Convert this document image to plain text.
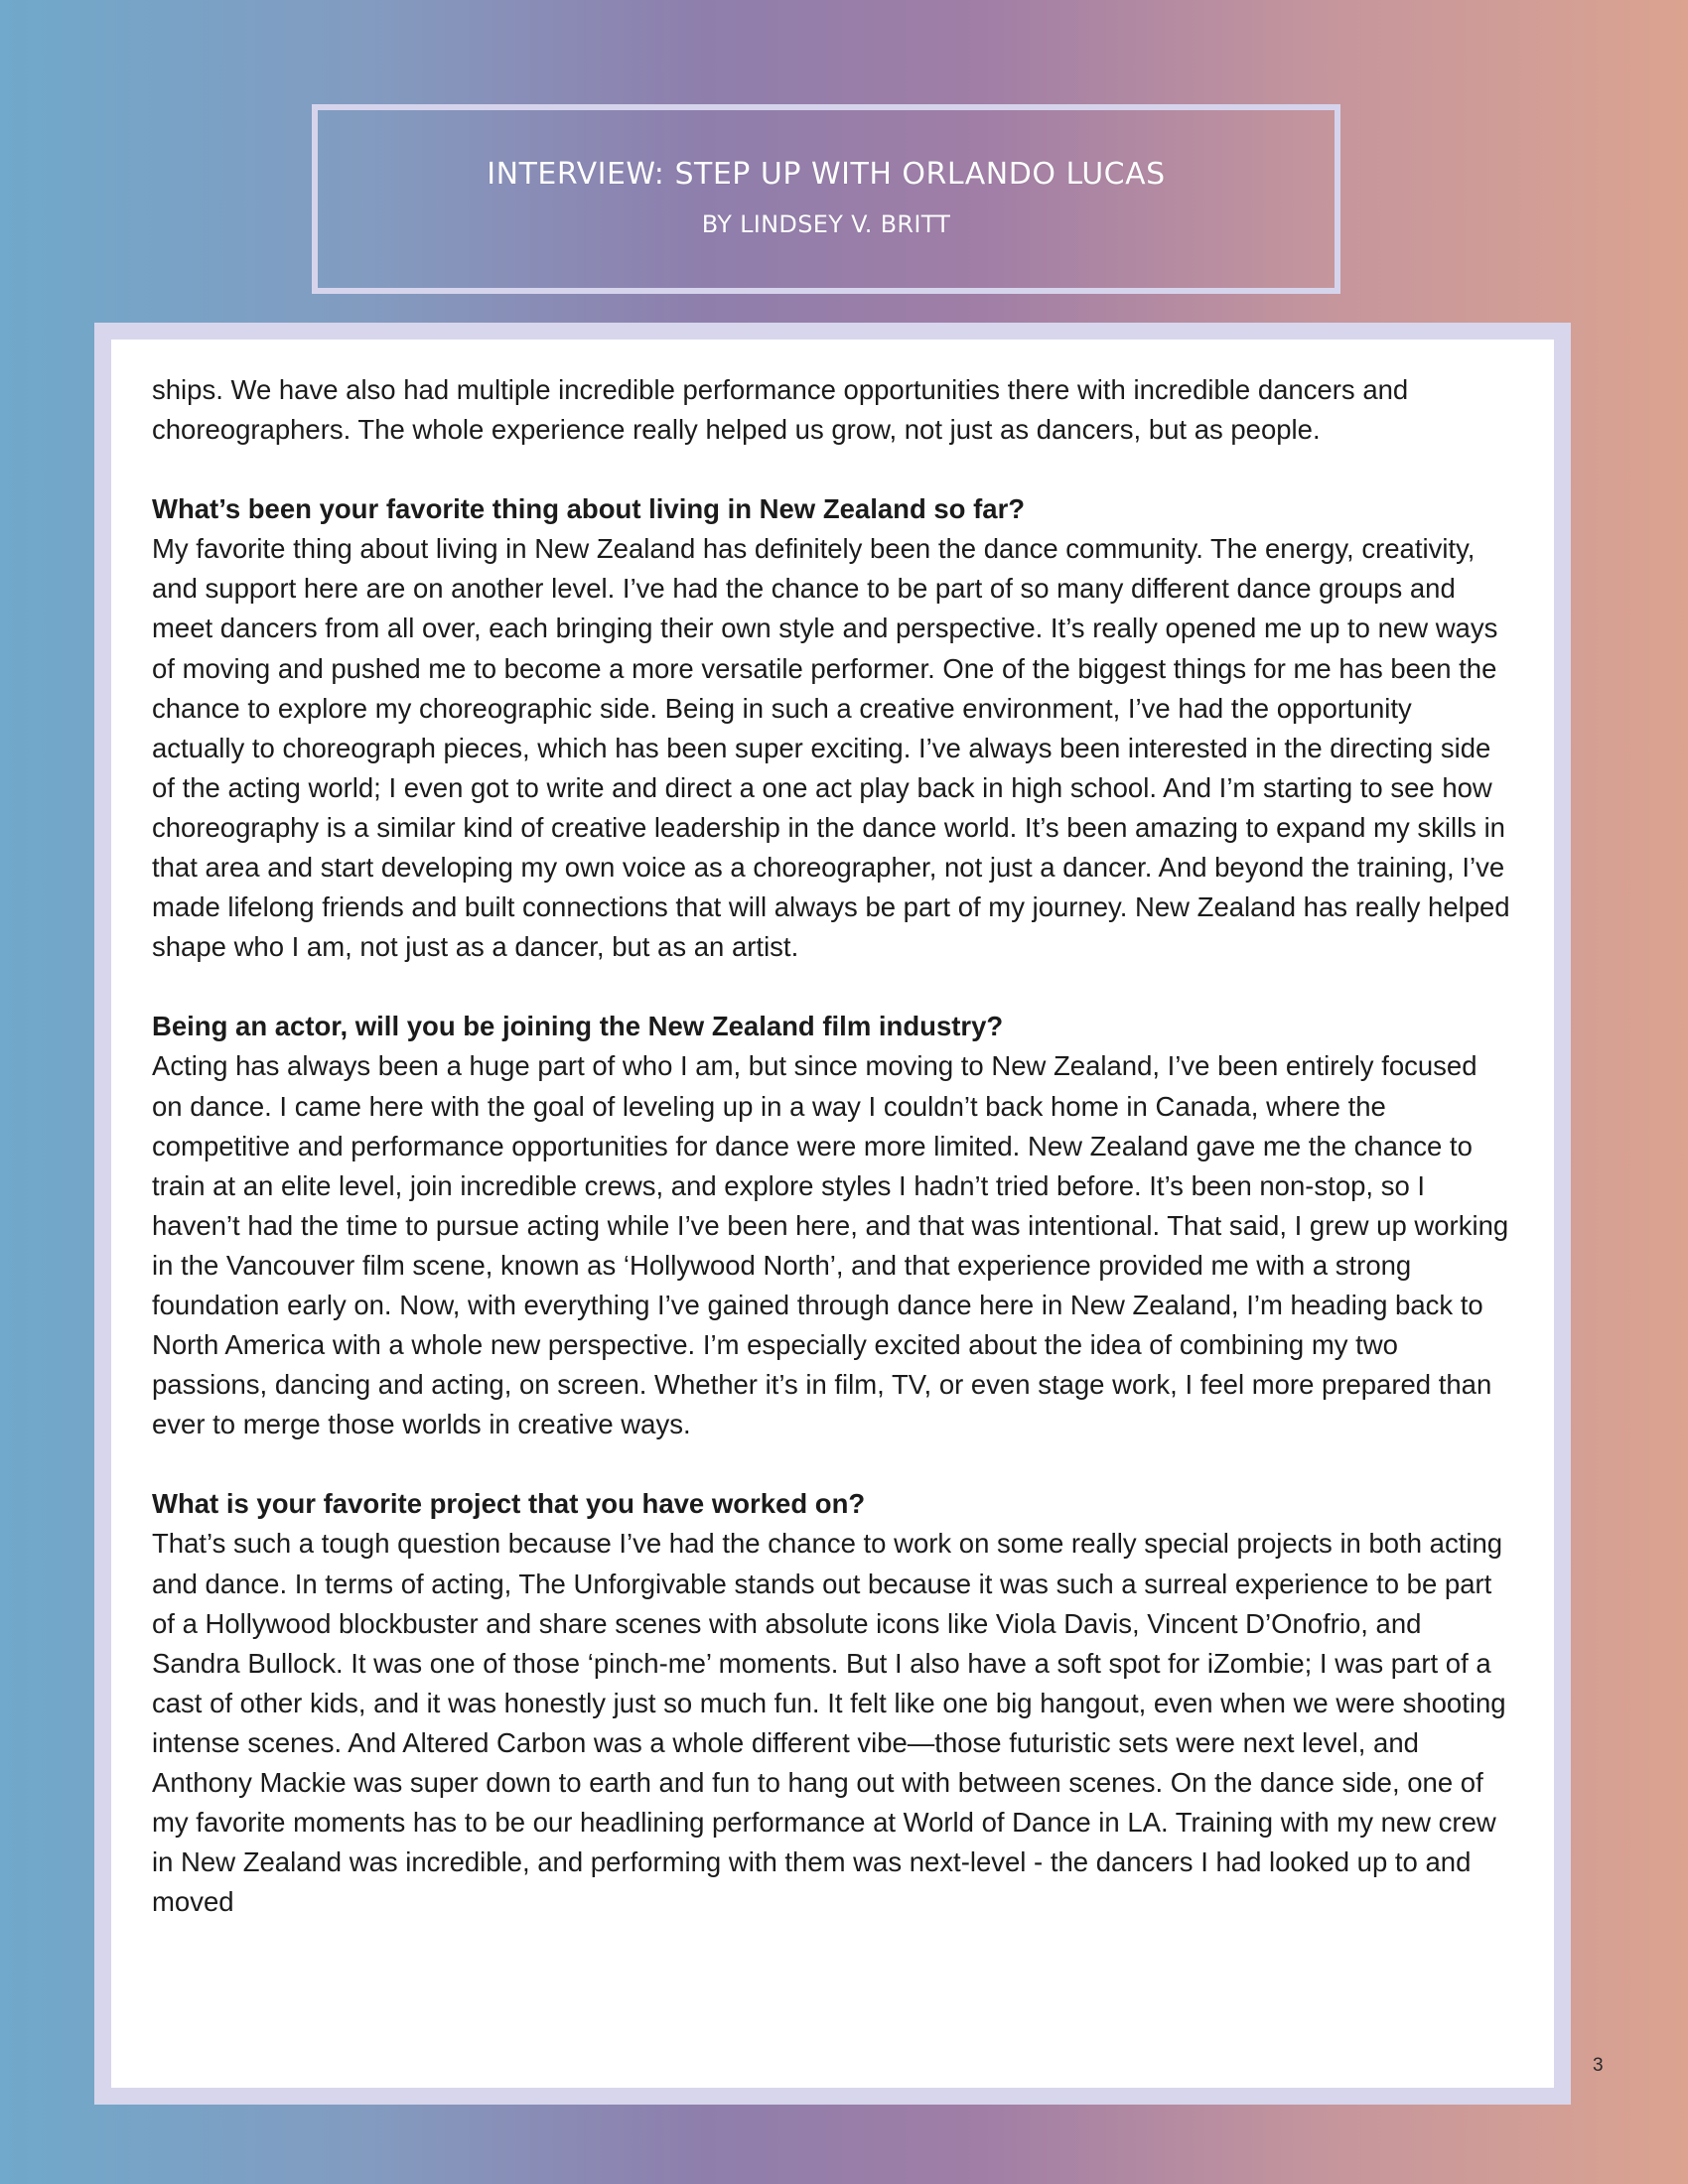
INTERVIEW: STEP UP WITH ORLANDO LUCAS
BY LINDSEY V. BRITT

ships. We have also had multiple incredible performance opportunities there with incredible dancers and choreographers. The whole experience really helped us grow, not just as dancers, but as people.

What’s been your favorite thing about living in New Zealand so far?

My favorite thing about living in New Zealand has definitely been the dance community. The energy, creativity, and support here are on another level. I’ve had the chance to be part of so many different dance groups and meet dancers from all over, each bringing their own style and perspective. It’s really opened me up to new ways of moving and pushed me to become a more versatile performer. One of the biggest things for me has been the chance to explore my choreographic side. Being in such a creative environment, I’ve had the opportunity actually to choreograph pieces, which has been super exciting. I’ve always been interested in the directing side of the acting world; I even got to write and direct a one act play back in high school. And I’m starting to see how choreography is a similar kind of creative leadership in the dance world. It’s been amazing to expand my skills in that area and start developing my own voice as a choreographer, not just a dancer. And beyond the training, I’ve made lifelong friends and built connections that will always be part of my journey. New Zealand has really helped shape who I am, not just as a dancer, but as an artist.

Being an actor, will you be joining the New Zealand film industry?

Acting has always been a huge part of who I am, but since moving to New Zealand, I’ve been entirely focused on dance. I came here with the goal of leveling up in a way I couldn’t back home in Canada, where the competitive and performance opportunities for dance were more limited. New Zealand gave me the chance to train at an elite level, join incredible crews, and explore styles I hadn’t tried before. It’s been non-stop, so I haven’t had the time to pursue acting while I’ve been here, and that was intentional. That said, I grew up working in the Vancouver film scene, known as ‘Hollywood North’, and that experience provided me with a strong foundation early on. Now, with everything I’ve gained through dance here in New Zealand, I’m heading back to North America with a whole new perspective. I’m especially excited about the idea of combining my two passions, dancing and acting, on screen. Whether it’s in film, TV, or even stage work, I feel more prepared than ever to merge those worlds in creative ways.

What is your favorite project that you have worked on?

That’s such a tough question because I’ve had the chance to work on some really special projects in both acting and dance. In terms of acting, The Unforgivable stands out because it was such a surreal experience to be part of a Hollywood blockbuster and share scenes with absolute icons like Viola Davis, Vincent D’Onofrio, and Sandra Bullock. It was one of those ‘pinch-me’ moments. But I also have a soft spot for iZombie; I was part of a cast of other kids, and it was honestly just so much fun. It felt like one big hangout, even when we were shooting intense scenes. And Altered Carbon was a whole different vibe—those futuristic sets were next level, and Anthony Mackie was super down to earth and fun to hang out with between scenes. On the dance side, one of my favorite moments has to be our headlining performance at World of Dance in LA. Training with my new crew in New Zealand was incredible, and performing with them was next-level - the dancers I had looked up to and moved

3
